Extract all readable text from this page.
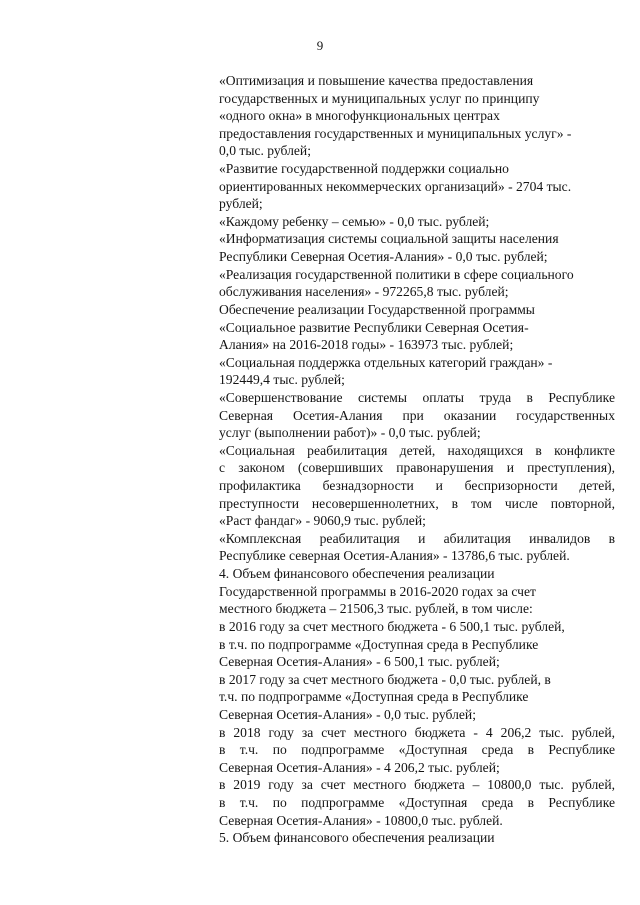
9
«Оптимизация и повышение качества предоставления
государственных и муниципальных услуг по принципу
«одного окна» в многофункциональных центрах
предоставления государственных и муниципальных услуг» -
0,0 тыс. рублей;
«Развитие государственной поддержки социально
ориентированных некоммерческих организаций» - 2704 тыс.
рублей;
«Каждому ребенку – семью» - 0,0 тыс. рублей;
«Информатизация системы социальной защиты населения
Республики Северная Осетия-Алания» - 0,0 тыс. рублей;
«Реализация государственной политики в сфере социального
обслуживания населения» - 972265,8 тыс. рублей;
Обеспечение реализации Государственной программы
«Социальное развитие Республики Северная Осетия-
Алания» на 2016-2018 годы» - 163973 тыс. рублей;
«Социальная поддержка отдельных категорий граждан» -
192449,4 тыс. рублей;
«Совершенствование системы оплаты труда в Республике
Северная Осетия-Алания при оказании государственных
услуг (выполнении работ)» - 0,0 тыс. рублей;
«Социальная реабилитация детей, находящихся в конфликте
с законом (совершивших правонарушения и преступления),
профилактика безнадзорности и беспризорности детей,
преступности несовершеннолетних, в том числе повторной,
«Раст фандаг» - 9060,9 тыс. рублей;
«Комплексная реабилитация и абилитация инвалидов в
Республике северная Осетия-Алания» - 13786,6 тыс. рублей.
4. Объем финансового обеспечения реализации
Государственной программы в 2016-2020 годах за счет
местного бюджета – 21506,3 тыс. рублей, в том числе:
в 2016 году за счет местного бюджета - 6 500,1 тыс. рублей,
в т.ч. по подпрограмме «Доступная среда в Республике
Северная Осетия-Алания» - 6 500,1 тыс. рублей;
в 2017 году за счет местного бюджета - 0,0 тыс. рублей, в
т.ч. по подпрограмме «Доступная среда в Республике
Северная Осетия-Алания» - 0,0 тыс. рублей;
в 2018 году за счет местного бюджета - 4 206,2 тыс. рублей,
в т.ч. по подпрограмме «Доступная среда в Республике
Северная Осетия-Алания» - 4 206,2 тыс. рублей;
в 2019 году за счет местного бюджета – 10800,0 тыс. рублей,
в т.ч. по подпрограмме «Доступная среда в Республике
Северная Осетия-Алания» - 10800,0 тыс. рублей.
5. Объем финансового обеспечения реализации
